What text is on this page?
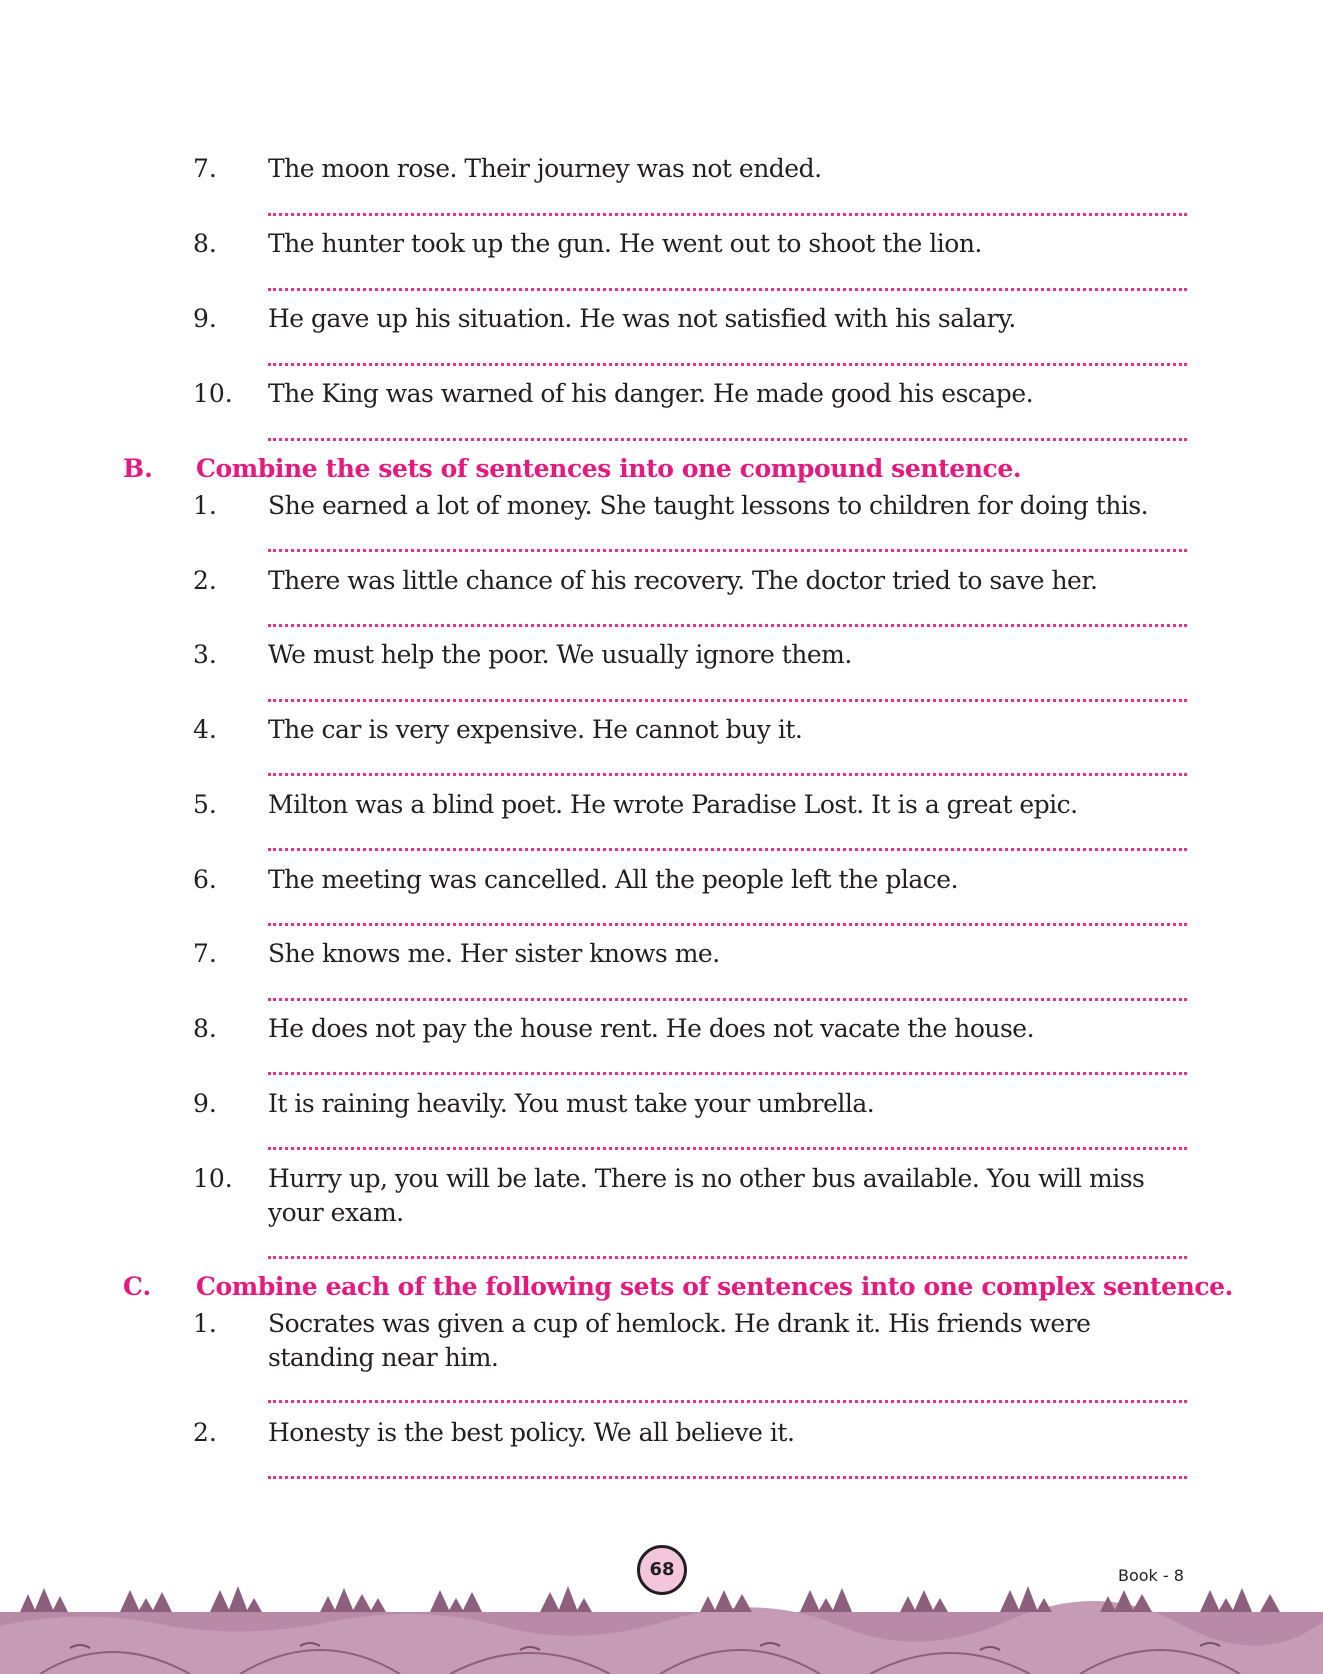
7. The moon rose. Their journey was not ended.
8. The hunter took up the gun. He went out to shoot the lion.
9. He gave up his situation. He was not satisfied with his salary.
10. The King was warned of his danger. He made good his escape.
B. Combine the sets of sentences into one compound sentence.
1. She earned a lot of money. She taught lessons to children for doing this.
2. There was little chance of his recovery. The doctor tried to save her.
3. We must help the poor. We usually ignore them.
4. The car is very expensive. He cannot buy it.
5. Milton was a blind poet. He wrote Paradise Lost. It is a great epic.
6. The meeting was cancelled. All the people left the place.
7. She knows me. Her sister knows me.
8. He does not pay the house rent. He does not vacate the house.
9. It is raining heavily. You must take your umbrella.
10. Hurry up, you will be late. There is no other bus available. You will miss your exam.
C. Combine each of the following sets of sentences into one complex sentence.
1. Socrates was given a cup of hemlock. He drank it. His friends were standing near him.
2. Honesty is the best policy. We all believe it.
68	Book - 8
